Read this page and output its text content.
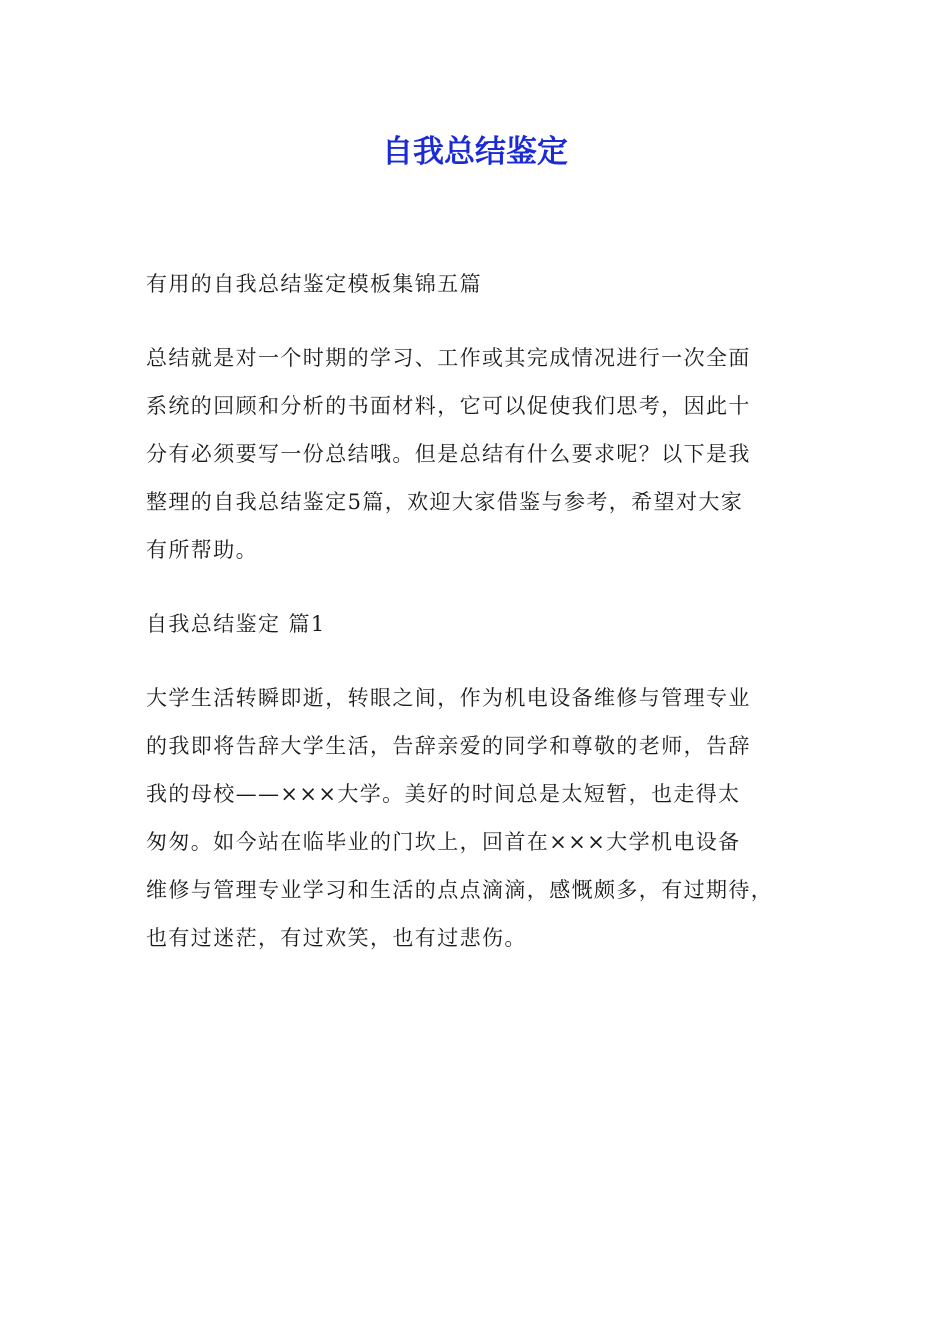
自我总结鉴定
有用的自我总结鉴定模板集锦五篇
总结就是对一个时期的学习、工作或其完成情况进行一次全面
系统的回顾和分析的书面材料，它可以促使我们思考，因此十
分有必须要写一份总结哦。但是总结有什么要求呢？以下是我
整理的自我总结鉴定5篇，欢迎大家借鉴与参考，希望对大家
有所帮助。
自我总结鉴定 篇1
大学生活转瞬即逝，转眼之间，作为机电设备维修与管理专业
的我即将告辞大学生活，告辞亲爱的同学和尊敬的老师，告辞
我的母校——×××大学。美好的时间总是太短暂，也走得太
匆匆。如今站在临毕业的门坎上，回首在×××大学机电设备
维修与管理专业学习和生活的点点滴滴，感慨颇多，有过期待，
也有过迷茫，有过欢笑，也有过悲伤。
